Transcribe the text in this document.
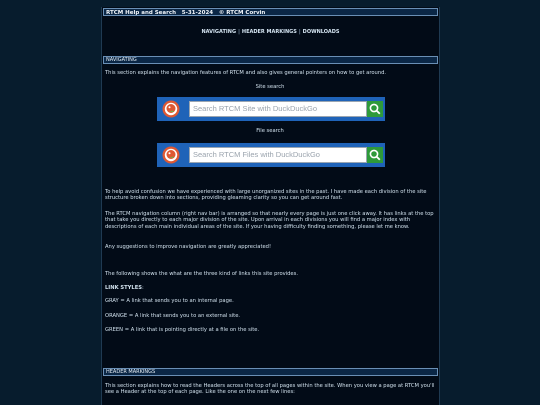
RTCM Help and Search   5-31-2024   © RTCM Corvin
NAVIGATING | HEADER MARKINGS | DOWNLOADS
NAVIGATING
This section explains the navigation features of RTCM and also gives general pointers on how to get around.
Site search
Search RTCM Site with DuckDuckGo
File search
Search RTCM Files with DuckDuckGo
To help avoid confusion we have experienced with large unorganized sites in the past. I have made each division of the site structure broken down into sections, providing gleaming clarity so you can get around fast.
The RTCM navigation column (right nav bar) is arranged so that nearly every page is just one click away. It has links at the top that take you directly to each major division of the site. Upon arrival in each divisions you will find a major index with descriptions of each main individual areas of the site. If your having difficulty finding something, please let me know.
Any suggestions to improve navigation are greatly appreciated!
The following shows the what are the three kind of links this site provides.
LINK STYLES:
GRAY = A link that sends you to an internal page.
ORANGE = A link that sends you to an external site.
GREEN = A link that is pointing directly at a file on the site.
HEADER MARKINGS
This section explains how to read the Headers across the top of all pages within the site. When you view a page at RTCM you'll see a Header at the top of each page. Like the one on the next few lines:
